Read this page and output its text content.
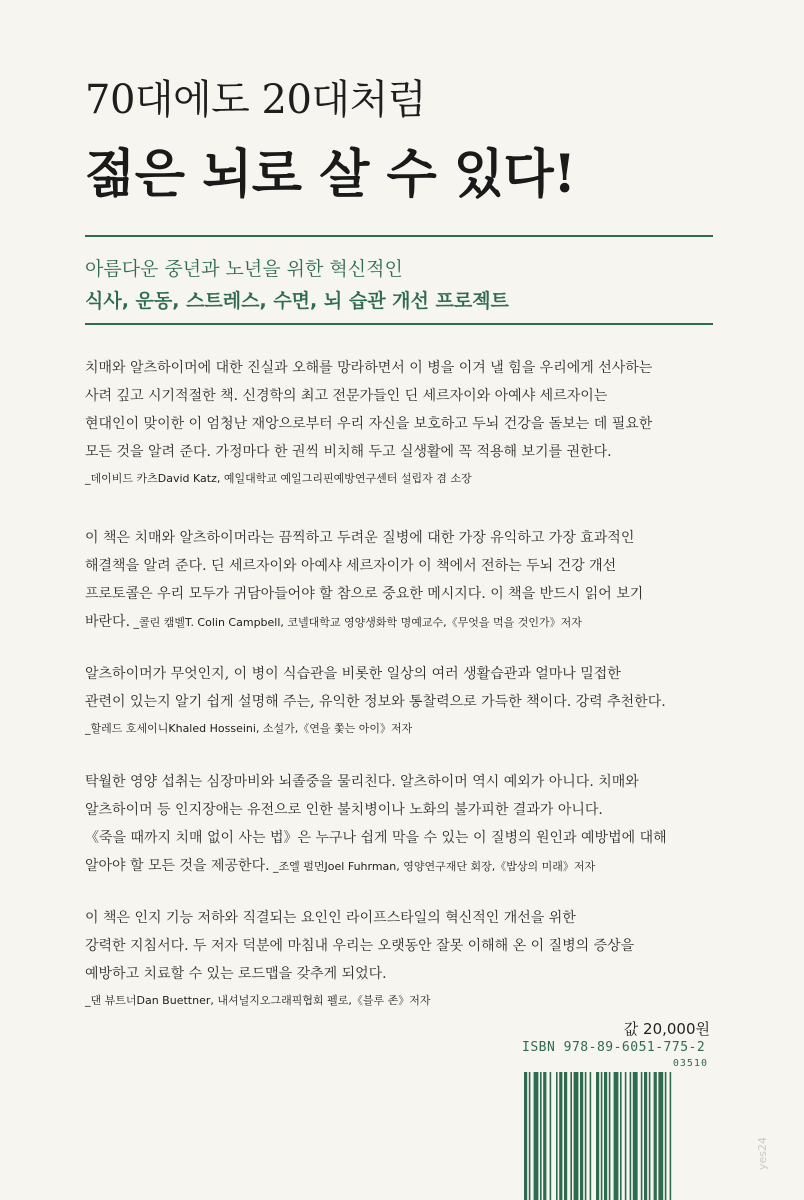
70대에도 20대처럼
젊은 뇌로 살 수 있다!
아름다운 중년과 노년을 위한 혁신적인
식사, 운동, 스트레스, 수면, 뇌 습관 개선 프로젝트
치매와 알츠하이머에 대한 진실과 오해를 망라하면서 이 병을 이겨 낼 힘을 우리에게 선사하는
사려 깊고 시기적절한 책. 신경학의 최고 전문가들인 딘 세르자이와 아예샤 세르자이는
현대인이 맞이한 이 엄청난 재앙으로부터 우리 자신을 보호하고 두뇌 건강을 돌보는 데 필요한
모든 것을 알려 준다. 가정마다 한 권씩 비치해 두고 실생활에 꼭 적용해 보기를 권한다.
_데이비드 카츠David Katz, 예일대학교 예일그리핀예방연구센터 설립자 겸 소장
이 책은 치매와 알츠하이머라는 끔찍하고 두려운 질병에 대한 가장 유익하고 가장 효과적인
해결책을 알려 준다. 딘 세르자이와 아예샤 세르자이가 이 책에서 전하는 두뇌 건강 개선
프로토콜은 우리 모두가 귀담아들어야 할 참으로 중요한 메시지다. 이 책을 반드시 읽어 보기
바란다. _콜린 캠벨T. Colin Campbell, 코넬대학교 영양생화학 명예교수,《무엇을 먹을 것인가》저자
알츠하이머가 무엇인지, 이 병이 식습관을 비롯한 일상의 여러 생활습관과 얼마나 밀접한
관련이 있는지 알기 쉽게 설명해 주는, 유익한 정보와 통찰력으로 가득한 책이다. 강력 추천한다.
_할레드 호세이니Khaled Hosseini, 소설가,《연을 쫓는 아이》저자
탁월한 영양 섭취는 심장마비와 뇌졸중을 물리친다. 알츠하이머 역시 예외가 아니다. 치매와
알츠하이머 등 인지장애는 유전으로 인한 불치병이나 노화의 불가피한 결과가 아니다.
《죽을 때까지 치매 없이 사는 법》은 누구나 쉽게 막을 수 있는 이 질병의 원인과 예방법에 대해
알아야 할 모든 것을 제공한다. _조엘 펄먼Joel Fuhrman, 영양연구재단 회장,《밥상의 미래》저자
이 책은 인지 기능 저하와 직결되는 요인인 라이프스타일의 혁신적인 개선을 위한
강력한 지침서다. 두 저자 덕분에 마침내 우리는 오랫동안 잘못 이해해 온 이 질병의 증상을
예방하고 치료할 수 있는 로드맵을 갖추게 되었다.
_댄 뷰트너Dan Buettner, 내셔널지오그래픽협회 펠로,《블루 존》저자
값 20,000원
ISBN 978-89-6051-775-2
03510
yes24
